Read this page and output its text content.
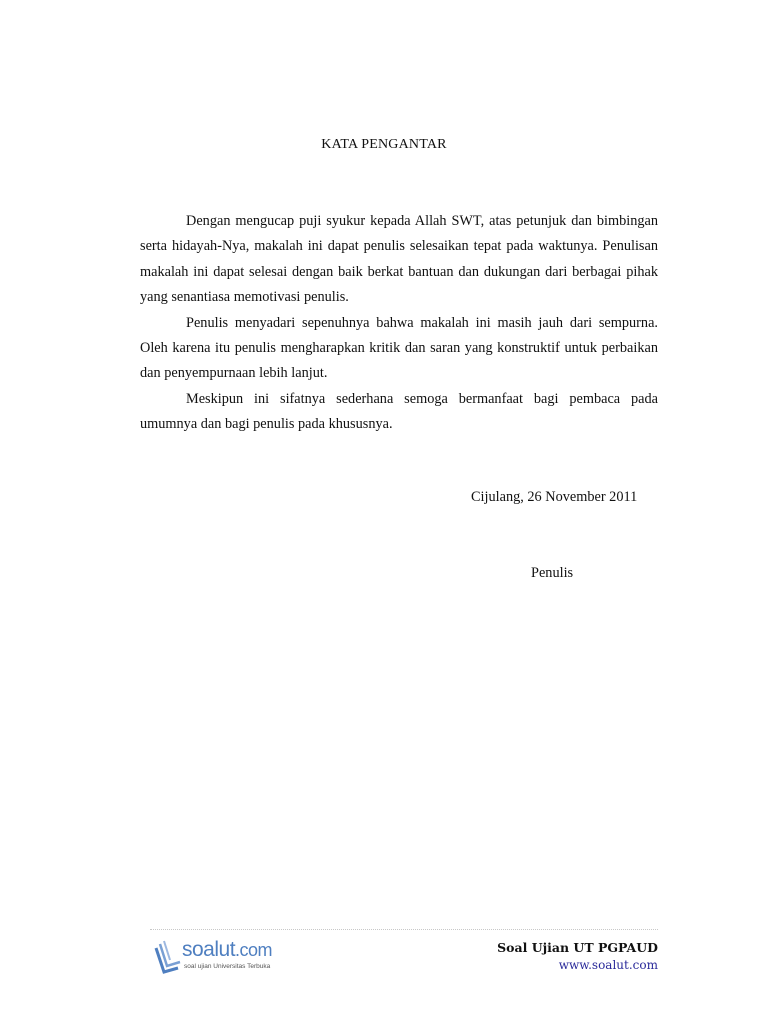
KATA PENGANTAR

Dengan mengucap puji syukur kepada Allah SWT, atas petunjuk dan bimbingan serta hidayah-Nya, makalah ini dapat penulis selesaikan tepat pada waktunya. Penulisan makalah ini dapat selesai dengan baik berkat bantuan dan dukungan dari berbagai pihak yang senantiasa memotivasi penulis.

Penulis menyadari sepenuhnya bahwa makalah ini masih jauh dari sempurna. Oleh karena itu penulis mengharapkan kritik dan saran yang konstruktif untuk perbaikan dan penyempurnaan lebih lanjut.

Meskipun ini sifatnya sederhana semoga bermanfaat bagi pembaca pada umumnya dan bagi penulis pada khususnya.

Cijulang, 26 November 2011
Penulis
soalut.com
soal ujian Universitas Terbuka
Soal Ujian UT PGPAUD
www.soalut.com
